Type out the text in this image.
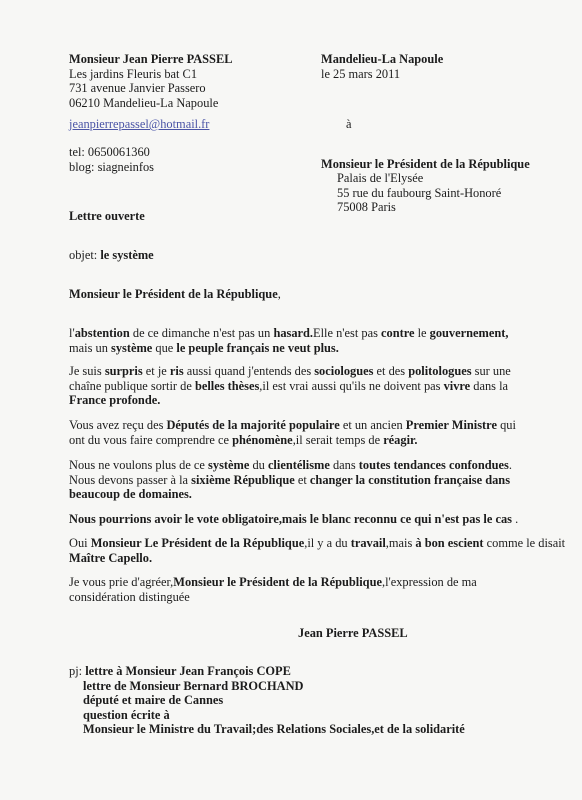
Monsieur Jean Pierre PASSEL
Les jardins Fleuris bat C1
731 avenue Janvier Passero
06210 Mandelieu-La Napoule
jeanpierrepassel@hotmail.fr
tel: 0650061360
blog: siagneinfos
Mandelieu-La Napoule
le 25 mars 2011
à
Monsieur le Président de la République
Palais de l'Elysée
55 rue du faubourg Saint-Honoré
75008 Paris
Lettre ouverte
objet: le système
Monsieur le Président de la République,
l'abstention de ce dimanche n'est pas un hasard.Elle n'est pas contre le gouvernement,
mais un système que le peuple français ne veut plus.
Je suis surpris et je ris aussi quand j'entends des sociologues et des politologues sur une
chaîne publique sortir de belles thèses,il est vrai aussi qu'ils ne doivent pas vivre dans la
France profonde.
Vous avez reçu des Députés de la majorité populaire et un ancien Premier Ministre qui
ont du vous faire comprendre ce phénomène,il serait temps de réagir.
Nous ne voulons plus de ce système du clientélisme dans toutes tendances confondues.
Nous devons passer à la sixième République et changer la constitution française dans
beaucoup de domaines.
Nous pourrions avoir le vote obligatoire,mais le blanc reconnu ce qui n'est pas le cas .
Oui Monsieur Le Président de la République,il y a du travail,mais à bon escient comme le disait
Maître Capello.
Je vous prie d'agréer,Monsieur le Président de la République,l'expression de ma
considération distinguée
Jean Pierre PASSEL
pj: lettre à Monsieur Jean François COPE
lettre de Monsieur Bernard BROCHAND
député et maire de Cannes
question écrite à
Monsieur le Ministre du Travail;des Relations Sociales,et de la solidarité
